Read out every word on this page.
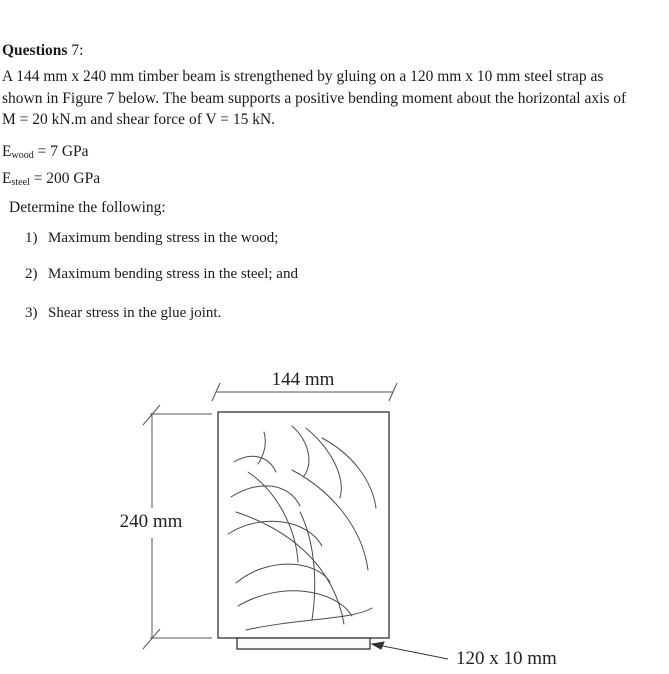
Questions 7:
A 144 mm x 240 mm timber beam is strengthened by gluing on a 120 mm x 10 mm steel strap as shown in Figure 7 below. The beam supports a positive bending moment about the horizontal axis of M = 20 kN.m and shear force of V = 15 kN.
$E_{wood} = 7$ GPa
$E_{steel} = 200$ GPa
Determine the following:
1) Maximum bending stress in the wood;
2) Maximum bending stress in the steel; and
3) Shear stress in the glue joint.
144 mm
240 mm
120 x 10 mm
